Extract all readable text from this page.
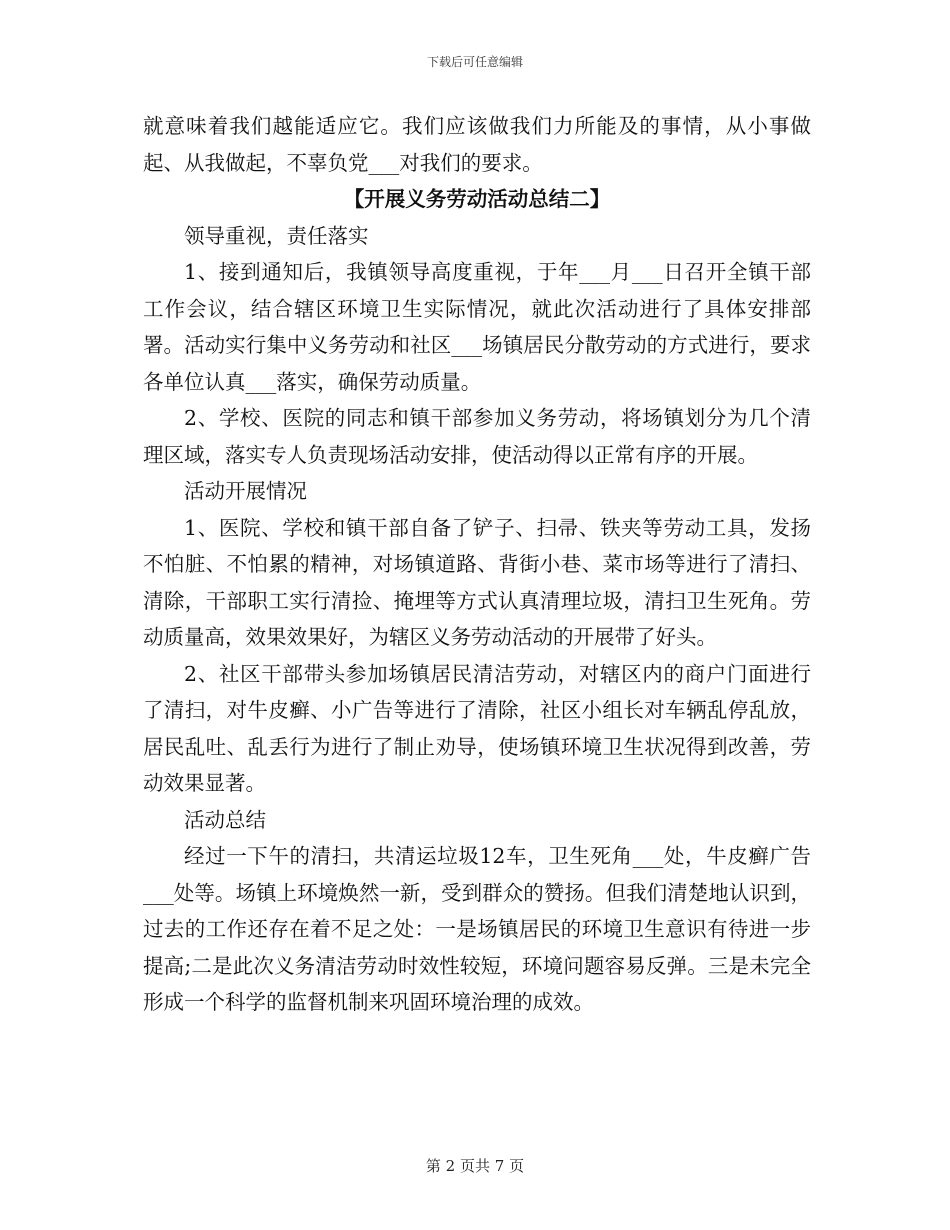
下载后可任意编辑

就意味着我们越能适应它。我们应该做我们力所能及的事情，从小事做起、从我做起，不辜负党___对我们的要求。

【开展义务劳动活动总结二】

领导重视，责任落实

1、接到通知后，我镇领导高度重视，于年___月___日召开全镇干部工作会议，结合辖区环境卫生实际情况，就此次活动进行了具体安排部署。活动实行集中义务劳动和社区___场镇居民分散劳动的方式进行，要求各单位认真___落实，确保劳动质量。

2、学校、医院的同志和镇干部参加义务劳动，将场镇划分为几个清理区域，落实专人负责现场活动安排，使活动得以正常有序的开展。

活动开展情况

1、医院、学校和镇干部自备了铲子、扫帚、铁夹等劳动工具，发扬不怕脏、不怕累的精神，对场镇道路、背街小巷、菜市场等进行了清扫、清除，干部职工实行清捡、掩埋等方式认真清理垃圾，清扫卫生死角。劳动质量高，效果效果好，为辖区义务劳动活动的开展带了好头。

2、社区干部带头参加场镇居民清洁劳动，对辖区内的商户门面进行了清扫，对牛皮癣、小广告等进行了清除，社区小组长对车辆乱停乱放，居民乱吐、乱丢行为进行了制止劝导，使场镇环境卫生状况得到改善，劳动效果显著。

活动总结

经过一下午的清扫，共清运垃圾12车，卫生死角___处，牛皮癣广告___处等。场镇上环境焕然一新，受到群众的赞扬。但我们清楚地认识到，过去的工作还存在着不足之处：一是场镇居民的环境卫生意识有待进一步提高;二是此次义务清洁劳动时效性较短，环境问题容易反弹。三是未完全形成一个科学的监督机制来巩固环境治理的成效。

第 2 页共 7 页
